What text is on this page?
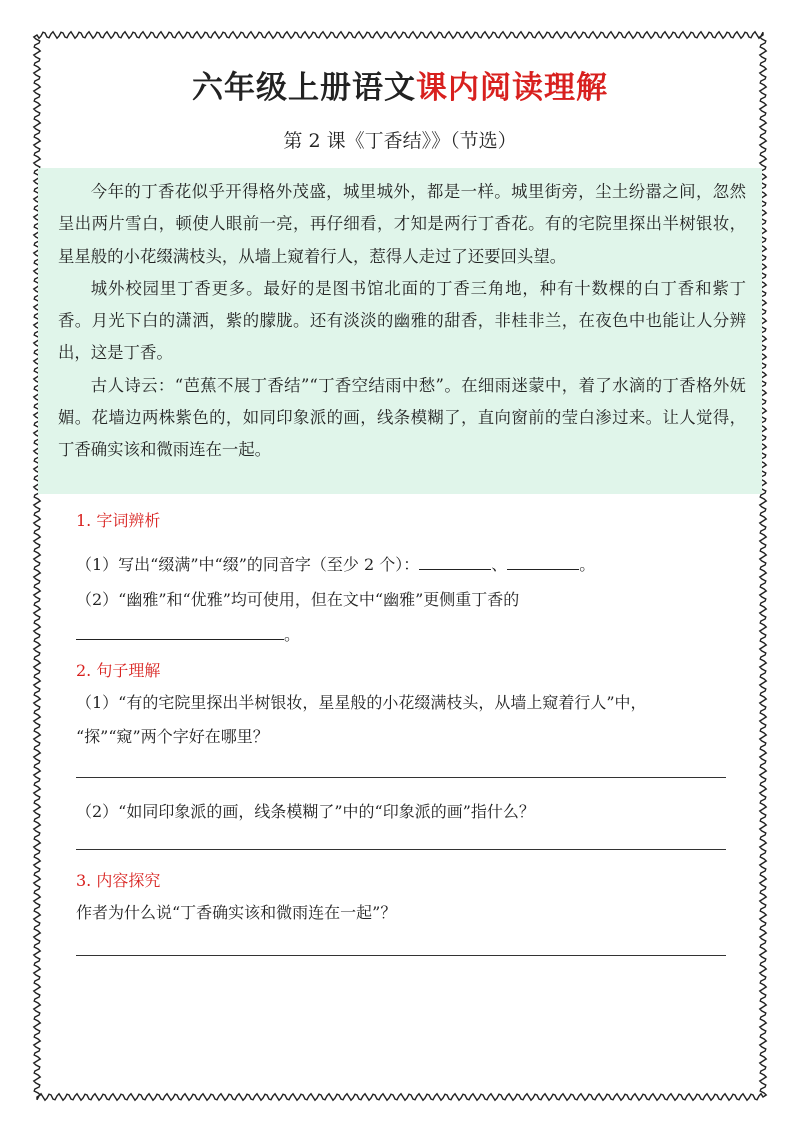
六年级上册语文课内阅读理解
第 2 课《丁香结》》（节选）

今年的丁香花似乎开得格外茂盛，城里城外，都是一样。城里街旁，尘土纷嚣之间，忽然呈出两片雪白，顿使人眼前一亮，再仔细看，才知是两行丁香花。有的宅院里探出半树银妆，星星般的小花缀满枝头，从墙上窥着行人，惹得人走过了还要回头望。

城外校园里丁香更多。最好的是图书馆北面的丁香三角地，种有十数棵的白丁香和紫丁香。月光下白的潇洒，紫的朦胧。还有淡淡的幽雅的甜香，非桂非兰，在夜色中也能让人分辨出，这是丁香。

古人诗云：“芭蕉不展丁香结”“丁香空结雨中愁”。在细雨迷蒙中，着了水滴的丁香格外妩媚。花墙边两株紫色的，如同印象派的画，线条模糊了，直向窗前的莹白渗过来。让人觉得，丁香确实该和微雨连在一起。

1. 字词辨析
（1）写出“缀满”中“缀”的同音字（至少 2 个）：	、	。
（2）“幽雅”和“优雅”均可使用，但在文中“幽雅”更侧重丁香的
。
2. 句子理解
（1）“有的宅院里探出半树银妆，星星般的小花缀满枝头，从墙上窥着行人”中，
“探”“窥”两个字好在哪里？
（2）“如同印象派的画，线条模糊了”中的“印象派的画”指什么？
3. 内容探究
作者为什么说“丁香确实该和微雨连在一起”？
